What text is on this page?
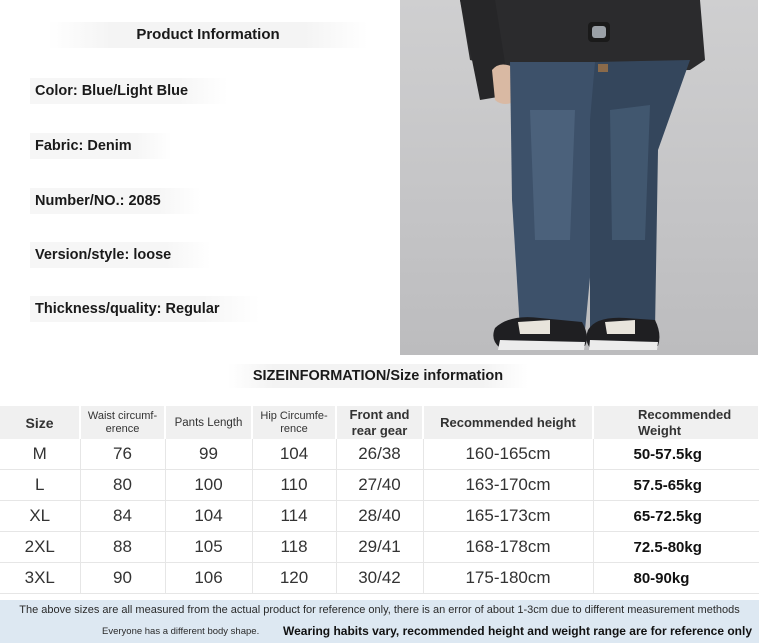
Product Information
Color: Blue/Light Blue
Fabric: Denim
Number/NO.: 2085
Version/style: loose
Thickness/quality: Regular
SIZEINFORMATION/Size information
Size	Waist circumf-erence	Pants Length	Hip Circumfe-rence	Front and rear gear	Recommended height	Recommended Weight
M	76	99	104	26/38	160-165cm	50-57.5kg
L	80	100	110	27/40	163-170cm	57.5-65kg
XL	84	104	114	28/40	165-173cm	65-72.5kg
2XL	88	105	118	29/41	168-178cm	72.5-80kg
3XL	90	106	120	30/42	175-180cm	80-90kg
The above sizes are all measured from the actual product for reference only, there is an error of about 1-3cm due to different measurement methods
Everyone has a different body shape. Wearing habits vary, recommended height and weight range are for reference only
